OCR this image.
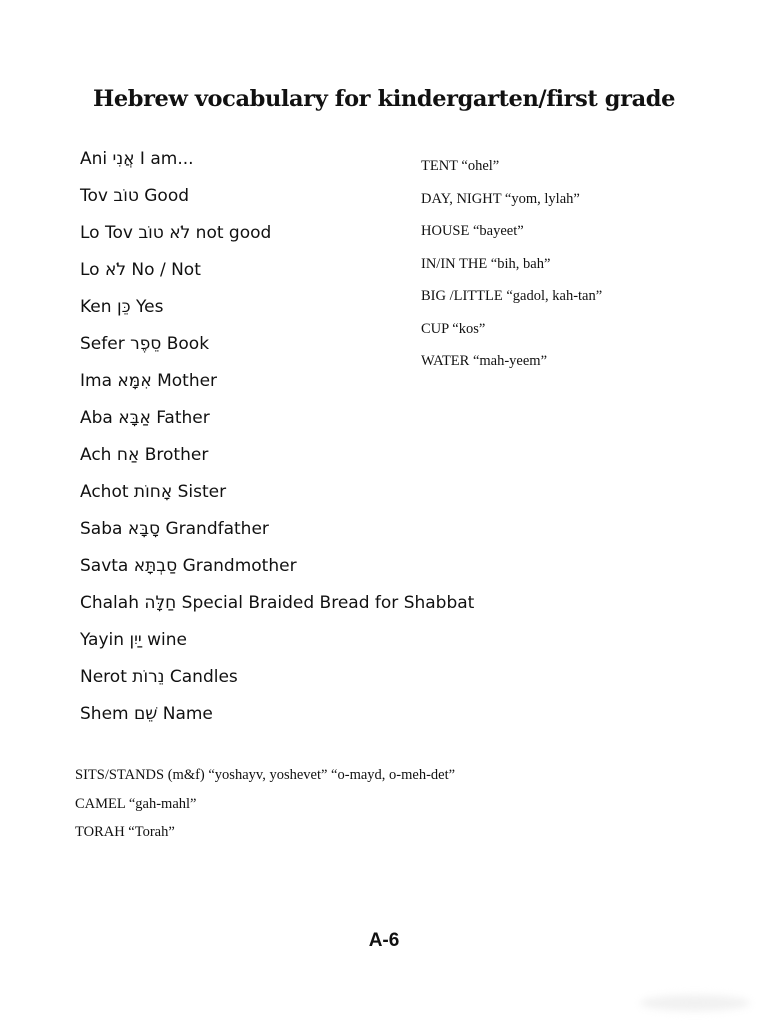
Hebrew vocabulary for kindergarten/first grade
Ani אֲנִי I am...
Tov טוֹב Good
Lo Tov לֹא טוֹב not good
Lo לֹא No / Not
Ken כֵּן Yes
Sefer סֵפֶר Book
Ima אִמָּא Mother
Aba אַבָּא Father
Ach אַח Brother
Achot אָחוֹת Sister
Saba סָבָּא Grandfather
Savta סַבְתָּא Grandmother
Chalah חַלָּה Special Braided Bread for Shabbat
Yayin יַיִן wine
Nerot נֵרוֹת Candles
Shem שֵׁם Name
TENT “ohel”
DAY, NIGHT “yom, lylah”
HOUSE “bayeet”
IN/IN THE “bih, bah”
BIG /LITTLE “gadol, kah-tan”
CUP “kos”
WATER “mah-yeem”
SITS/STANDS (m&f) “yoshayv, yoshevet” “o-mayd, o-meh-det”
CAMEL “gah-mahl”
TORAH “Torah”
A-6
